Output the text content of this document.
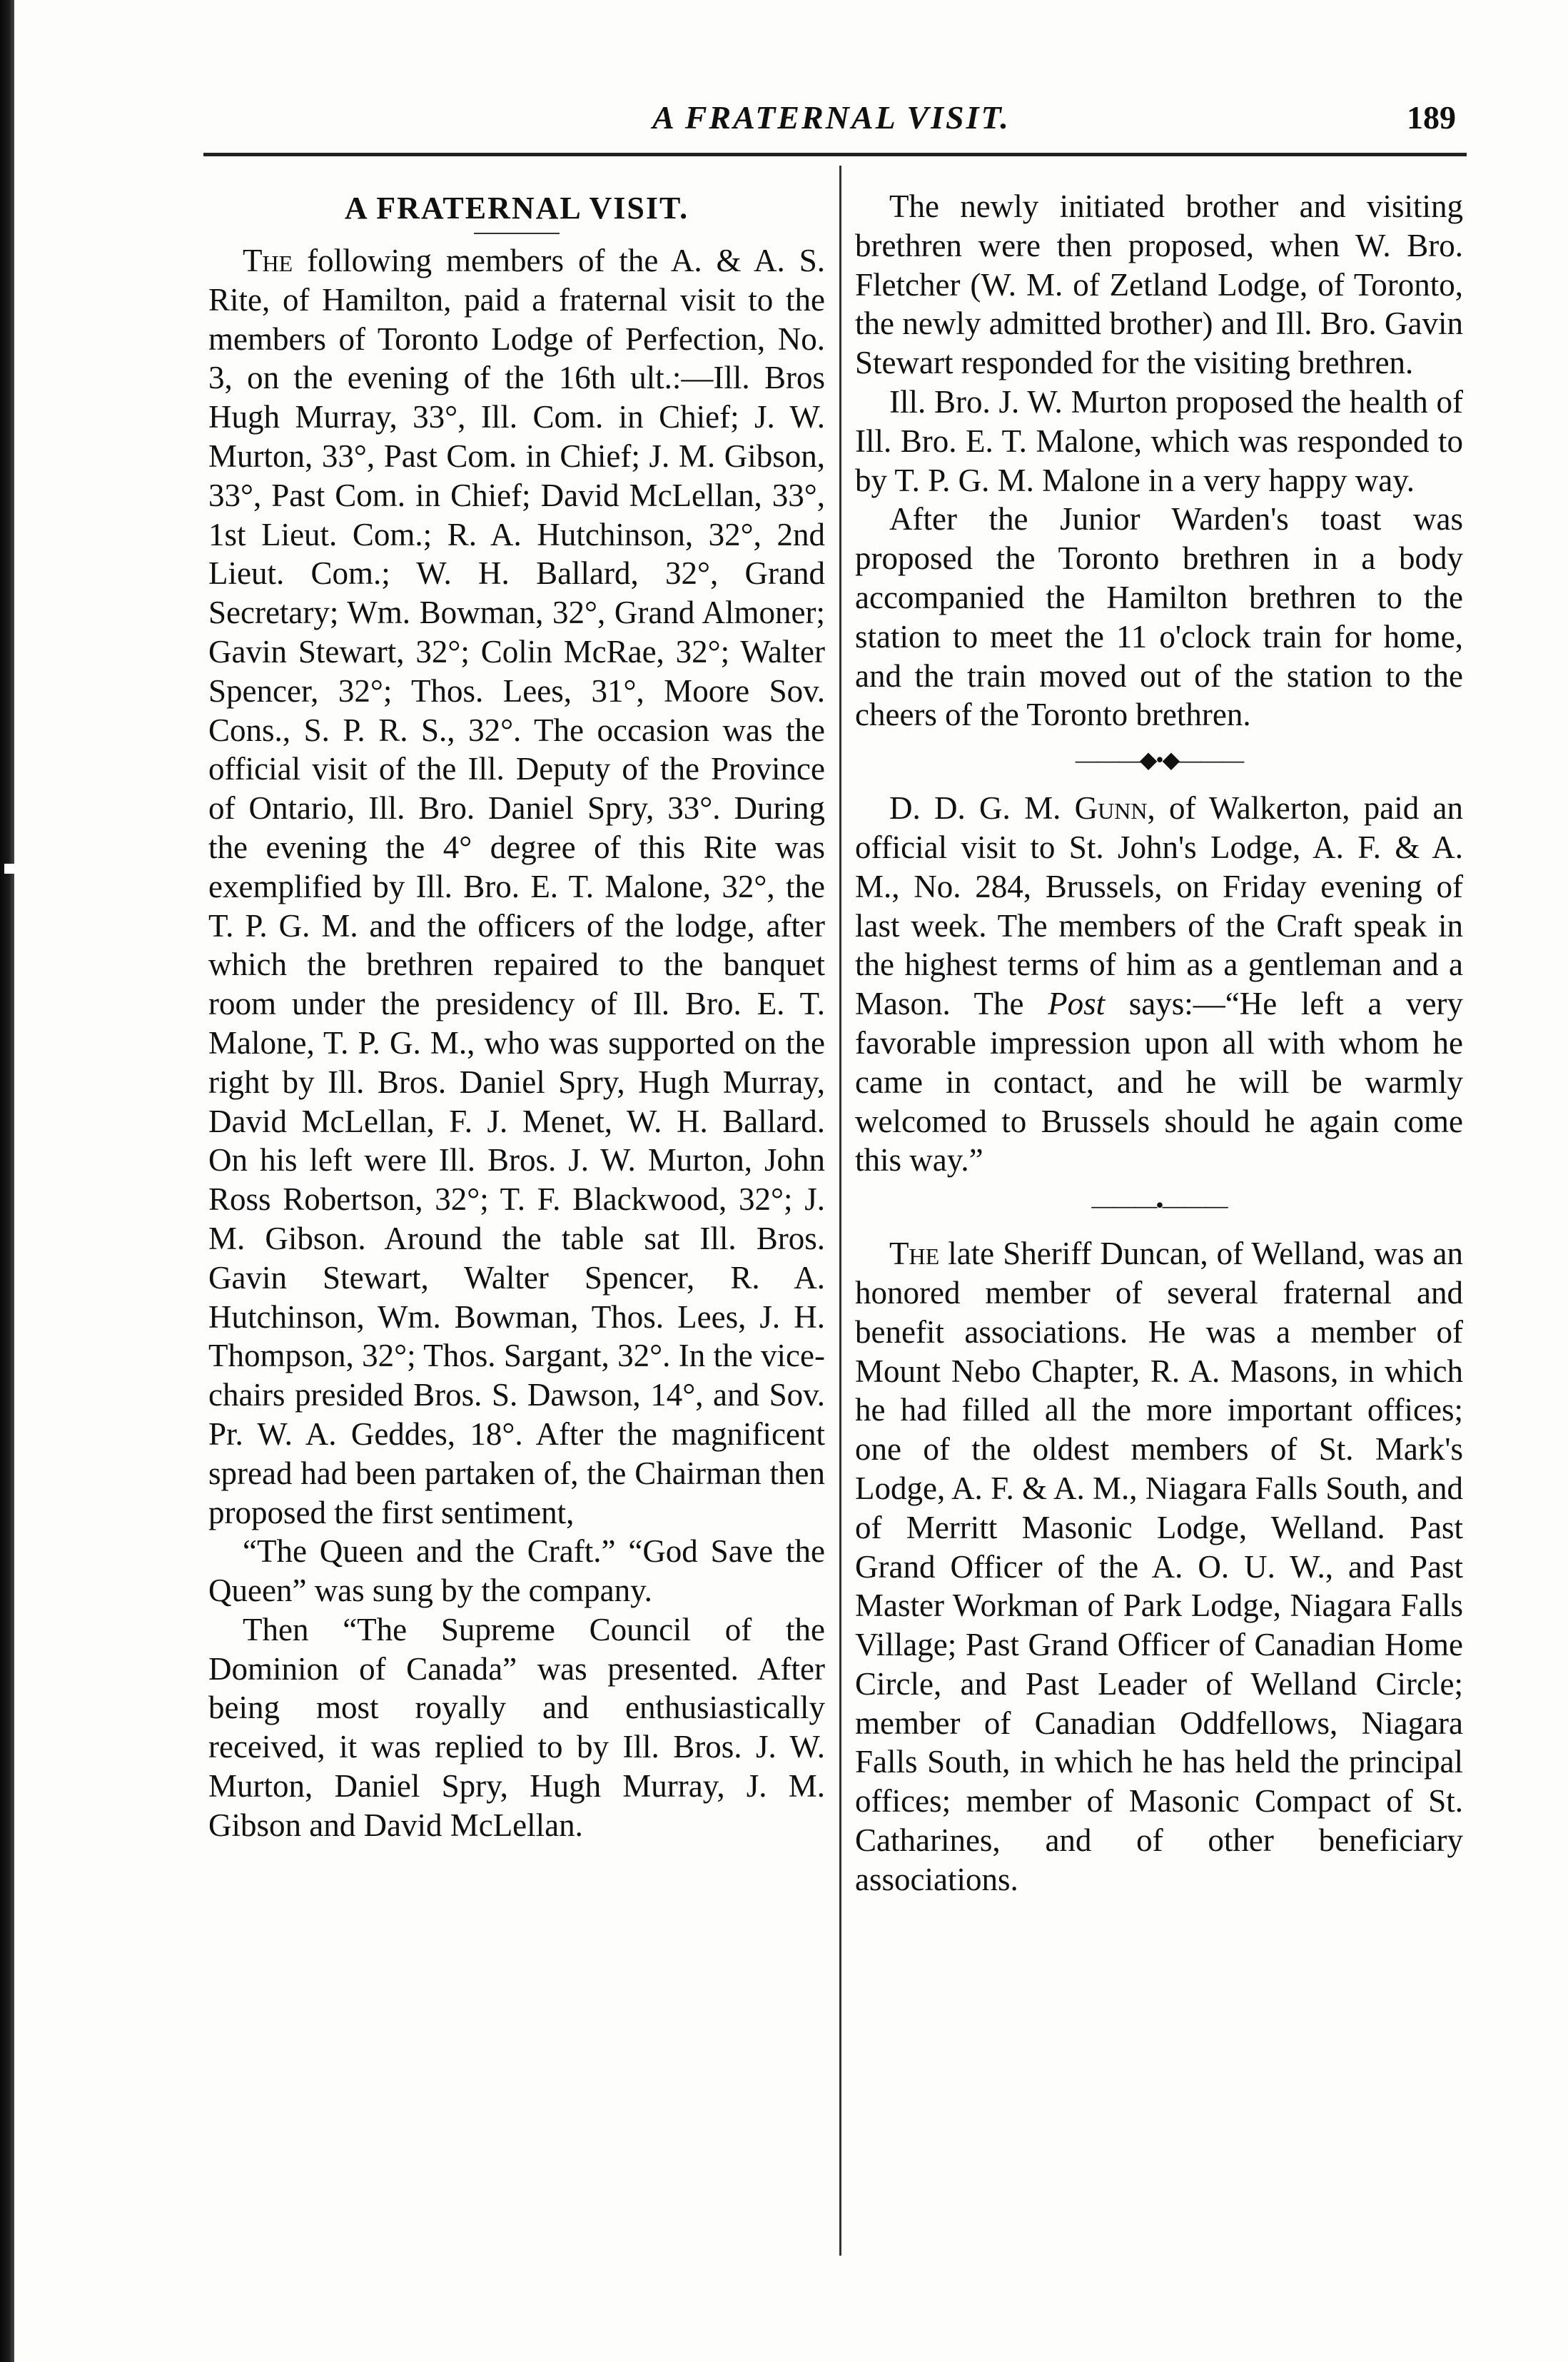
A FRATERNAL VISIT.	189
A FRATERNAL VISIT.

The following members of the A. & A. S. Rite, of Hamilton, paid a fraternal visit to the members of Toronto Lodge of Perfection, No. 3, on the evening of the 16th ult.:—Ill. Bros Hugh Murray, 33°, Ill. Com. in Chief; J. W. Murton, 33°, Past Com. in Chief; J. M. Gibson, 33°, Past Com. in Chief; David McLellan, 33°, 1st Lieut. Com.; R. A. Hutchinson, 32°, 2nd Lieut. Com.; W. H. Ballard, 32°, Grand Secretary; Wm. Bowman, 32°, Grand Almoner; Gavin Stewart, 32°; Colin McRae, 32°; Walter Spencer, 32°; Thos. Lees, 31°, Moore Sov. Cons., S. P. R. S., 32°. The occasion was the official visit of the Ill. Deputy of the Province of Ontario, Ill. Bro. Daniel Spry, 33°. During the evening the 4° degree of this Rite was exemplified by Ill. Bro. E. T. Malone, 32°, the T. P. G. M. and the officers of the lodge, after which the brethren repaired to the banquet room under the presidency of Ill. Bro. E. T. Malone, T. P. G. M., who was supported on the right by Ill. Bros. Daniel Spry, Hugh Murray, David McLellan, F. J. Menet, W. H. Ballard. On his left were Ill. Bros. J. W. Murton, John Ross Robertson, 32°; T. F. Blackwood, 32°; J. M. Gibson. Around the table sat Ill. Bros. Gavin Stewart, Walter Spencer, R. A. Hutchinson, Wm. Bowman, Thos. Lees, J. H. Thompson, 32°; Thos. Sargant, 32°. In the vice-chairs presided Bros. S. Dawson, 14°, and Sov. Pr. W. A. Geddes, 18°. After the magnificent spread had been partaken of, the Chairman then proposed the first sentiment,

“The Queen and the Craft.” “God Save the Queen” was sung by the company.

Then “The Supreme Council of the Dominion of Canada” was presented. After being most royally and enthusiastically received, it was replied to by Ill. Bros. J. W. Murton, Daniel Spry, Hugh Murray, J. M. Gibson and David McLellan.

The newly initiated brother and visiting brethren were then proposed, when W. Bro. Fletcher (W. M. of Zetland Lodge, of Toronto, the newly admitted brother) and Ill. Bro. Gavin Stewart responded for the visiting brethren.

Ill. Bro. J. W. Murton proposed the health of Ill. Bro. E. T. Malone, which was responded to by T. P. G. M. Malone in a very happy way.

After the Junior Warden's toast was proposed the Toronto brethren in a body accompanied the Hamilton brethren to the station to meet the 11 o'clock train for home, and the train moved out of the station to the cheers of the Toronto brethren.

———◆•◆———

D. D. G. M. Gunn, of Walkerton, paid an official visit to St. John's Lodge, A. F. & A. M., No. 284, Brussels, on Friday evening of last week. The members of the Craft speak in the highest terms of him as a gentleman and a Mason. The Post says:—“He left a very favorable impression upon all with whom he came in contact, and he will be warmly welcomed to Brussels should he again come this way.”

———•———

The late Sheriff Duncan, of Welland, was an honored member of several fraternal and benefit associations. He was a member of Mount Nebo Chapter, R. A. Masons, in which he had filled all the more important offices; one of the oldest members of St. Mark's Lodge, A. F. & A. M., Niagara Falls South, and of Merritt Masonic Lodge, Welland. Past Grand Officer of the A. O. U. W., and Past Master Workman of Park Lodge, Niagara Falls Village; Past Grand Officer of Canadian Home Circle, and Past Leader of Welland Circle; member of Canadian Oddfellows, Niagara Falls South, in which he has held the principal offices; member of Masonic Compact of St. Catharines, and of other beneficiary associations.
